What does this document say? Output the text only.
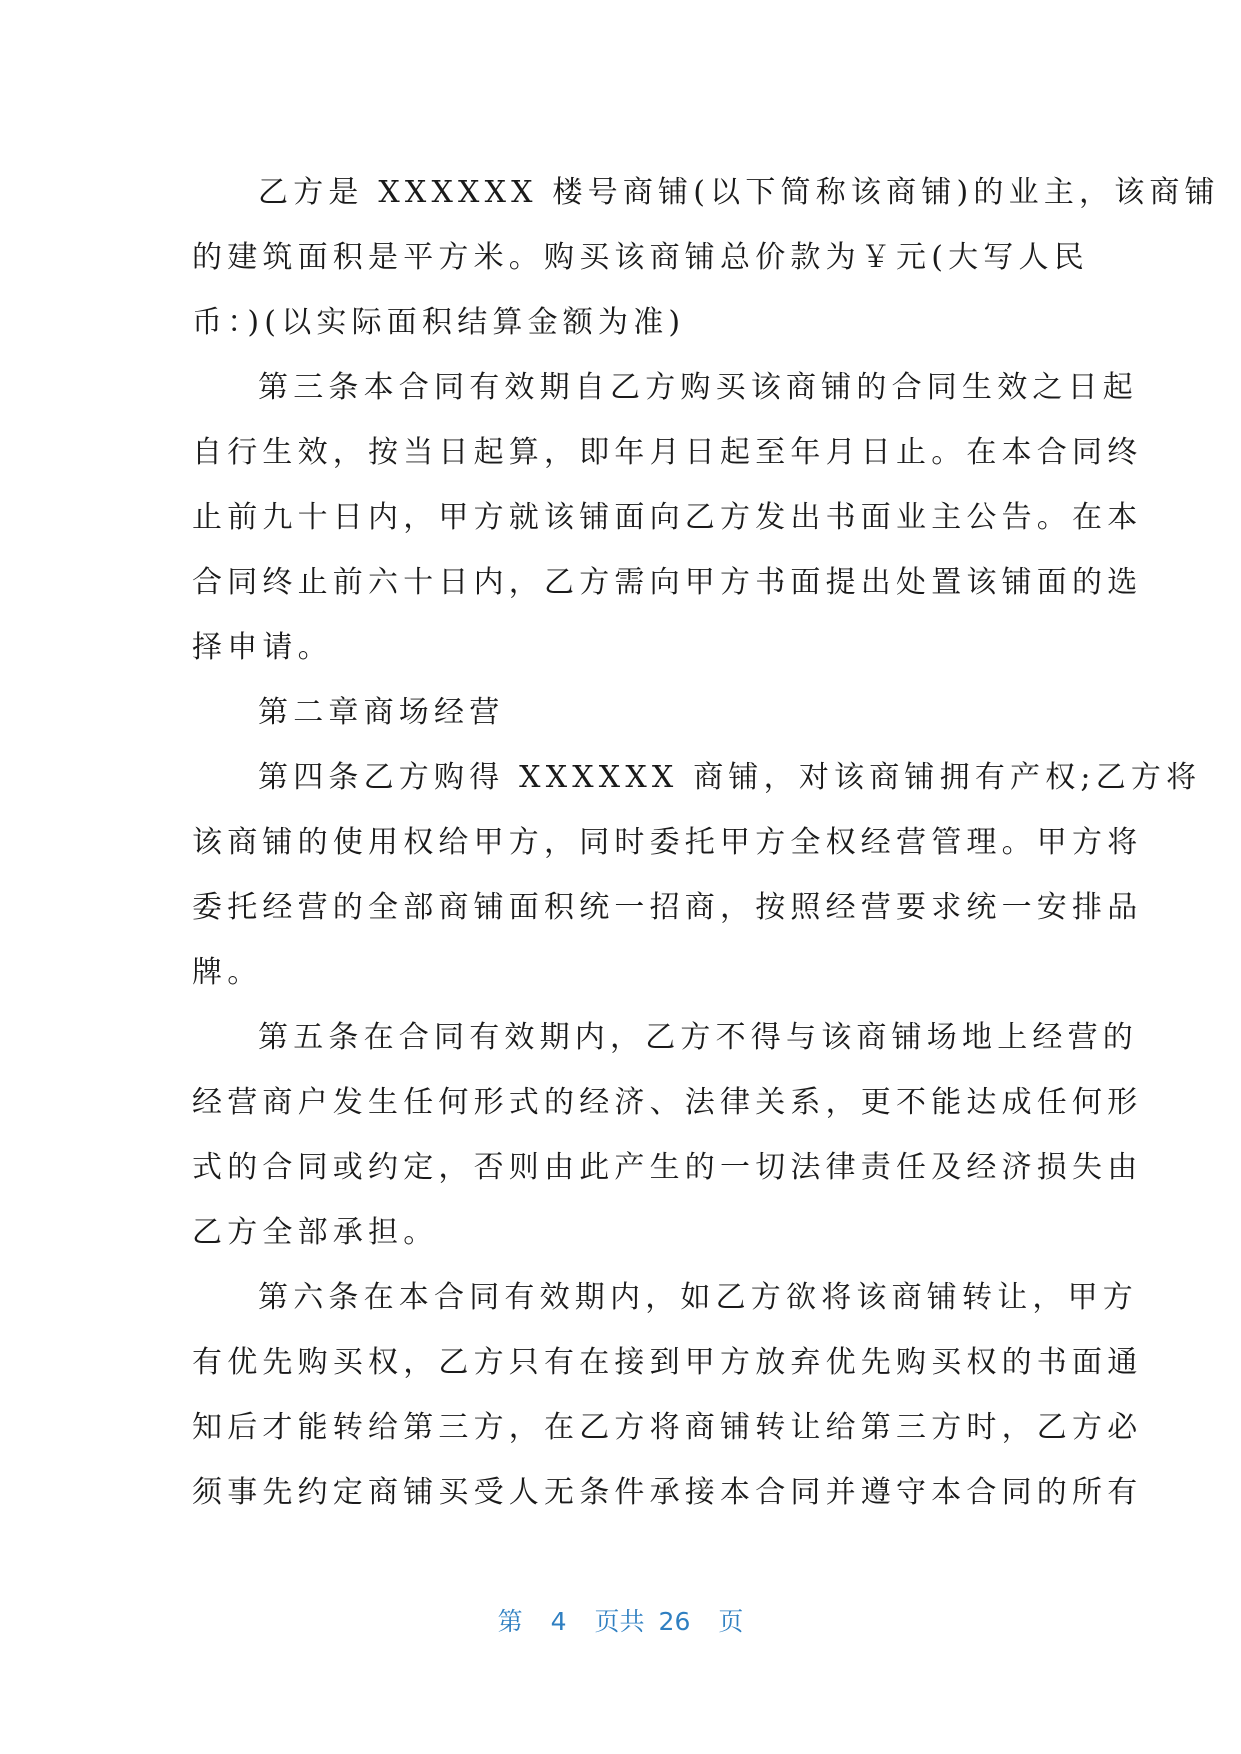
乙方是 XXXXXX 楼号商铺(以下简称该商铺)的业主，该商铺
的建筑面积是平方米。购买该商铺总价款为￥元(大写人民
币：)(以实际面积结算金额为准)

第三条本合同有效期自乙方购买该商铺的合同生效之日起
自行生效，按当日起算，即年月日起至年月日止。在本合同终
止前九十日内，甲方就该铺面向乙方发出书面业主公告。在本
合同终止前六十日内，乙方需向甲方书面提出处置该铺面的选
择申请。

第二章商场经营

第四条乙方购得 XXXXXX 商铺，对该商铺拥有产权;乙方将
该商铺的使用权给甲方，同时委托甲方全权经营管理。甲方将
委托经营的全部商铺面积统一招商，按照经营要求统一安排品
牌。

第五条在合同有效期内，乙方不得与该商铺场地上经营的
经营商户发生任何形式的经济、法律关系，更不能达成任何形
式的合同或约定，否则由此产生的一切法律责任及经济损失由
乙方全部承担。

第六条在本合同有效期内，如乙方欲将该商铺转让，甲方
有优先购买权，乙方只有在接到甲方放弃优先购买权的书面通
知后才能转给第三方，在乙方将商铺转让给第三方时，乙方必
须事先约定商铺买受人无条件承接本合同并遵守本合同的所有

第 4 页共 26 页
